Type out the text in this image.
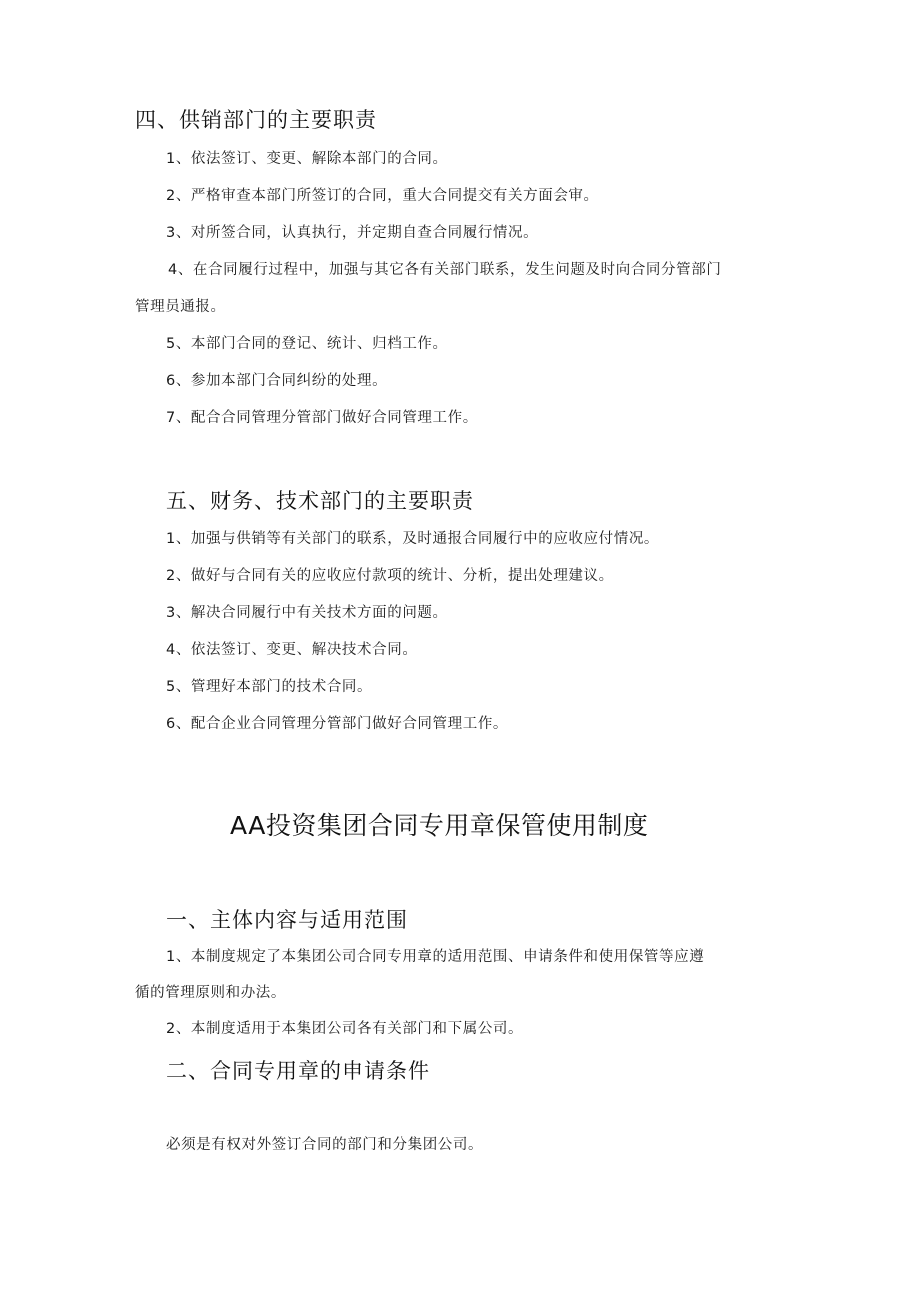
四、供销部门的主要职责

1、依法签订、变更、解除本部门的合同。

2、严格审查本部门所签订的合同，重大合同提交有关方面会审。

3、对所签合同，认真执行，并定期自查合同履行情况。

4、在合同履行过程中，加强与其它各有关部门联系，发生问题及时向合同分管部门

管理员通报。

5、本部门合同的登记、统计、归档工作。

6、参加本部门合同纠纷的处理。

7、配合合同管理分管部门做好合同管理工作。

五、财务、技术部门的主要职责

1、加强与供销等有关部门的联系，及时通报合同履行中的应收应付情况。

2、做好与合同有关的应收应付款项的统计、分析，提出处理建议。

3、解决合同履行中有关技术方面的问题。

4、依法签订、变更、解决技术合同。

5、管理好本部门的技术合同。

6、配合企业合同管理分管部门做好合同管理工作。

AA投资集团合同专用章保管使用制度

一、主体内容与适用范围

1、本制度规定了本集团公司合同专用章的适用范围、申请条件和使用保管等应遵

循的管理原则和办法。

2、本制度适用于本集团公司各有关部门和下属公司。

二、合同专用章的申请条件

必须是有权对外签订合同的部门和分集团公司。
